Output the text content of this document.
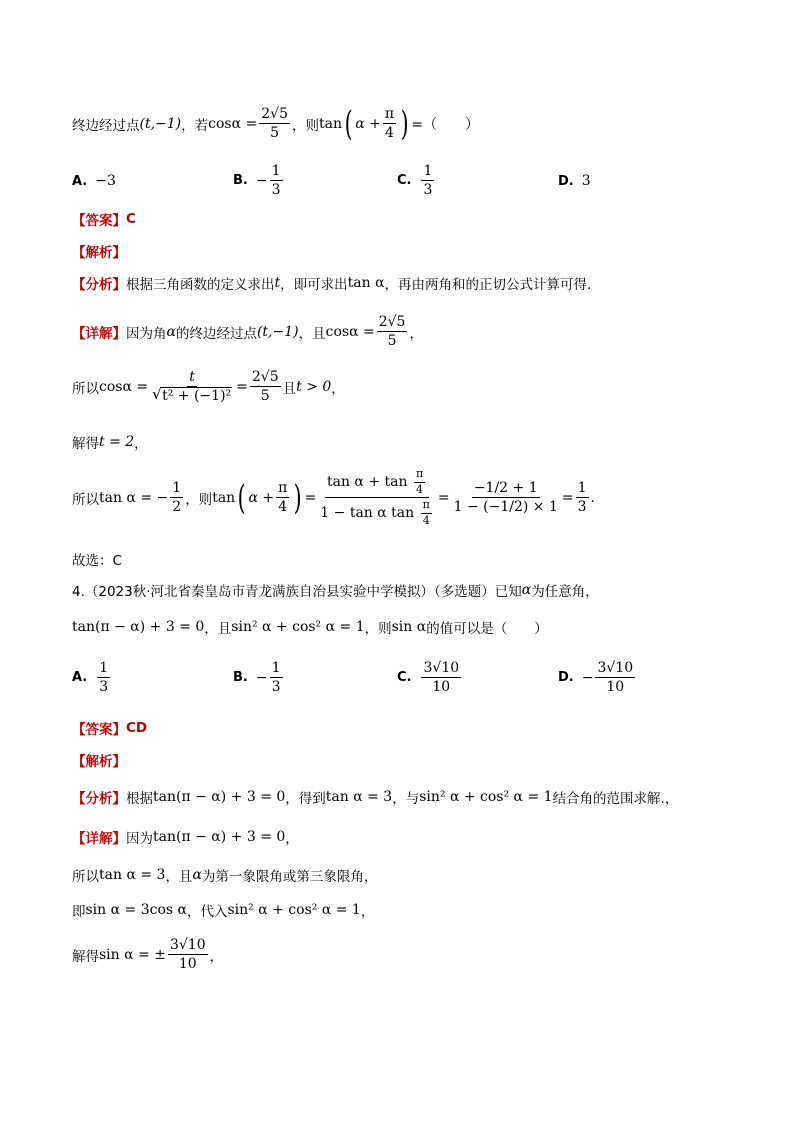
终边经过点 (t,−1) ，若 $\cos\alpha = \frac{2√5}{5}$ ，则 tan ( $\alpha + \frac{\pi}{4}$ ) =（　　）
A. −3	B. − $\frac{1}{3}$	C. $\frac{1}{3}$	D. 3
【答案】 C
【解析】
【分析】 根据三角函数的定义求出 t ，即可求出 tan α ，再由两角和的正切公式计算可得.
【详解】 因为角 α 的终边经过点 (t,−1) ，且 $\cos\alpha = \frac{2√5}{5}$ ，
所以 $\cos\alpha = \frac{t}{\text{√ t² + (−1)²}} = \frac{2√5}{5}$ 且 t > 0 ，
解得 t = 2 ，
所以 tan α = − $\frac{1}{2}$ ，则 tan ( $\alpha + \frac{\pi}{4}$ ) = $\frac{\tan \alpha + \tan \frac{\pi}{4}}{1 - \tan \alpha \tan \frac{\pi}{4}} = \frac{-1/2 + 1}{1 - (-1/2) \times 1} = \frac{1}{3}$ .
故选：C
4.（2023秋·河北省秦皇岛市青龙满族自治县实验中学模拟）（多选题）已知 α 为任意角，
tan(π − α) + 3 = 0 ，且 sin² α + cos² α = 1 ，则 sin α 的值可以是（　　）
A. $\frac{1}{3}$	B. − $\frac{1}{3}$	C. $\frac{3√10}{10}$	D. − $\frac{3√10}{10}$
【答案】 CD
【解析】
【分析】 根据 tan(π − α) + 3 = 0 ，得到 tan α = 3 ，与 sin² α + cos² α = 1 结合角的范围求解.，
【详解】 因为 tan(π − α) + 3 = 0 ，
所以 tan α = 3 ，且 α 为第一象限角或第三象限角，
即 sin α = 3cos α ，代入 sin² α + cos² α = 1 ，
解得 sin α = ± $\frac{3√10}{10}$ ，
